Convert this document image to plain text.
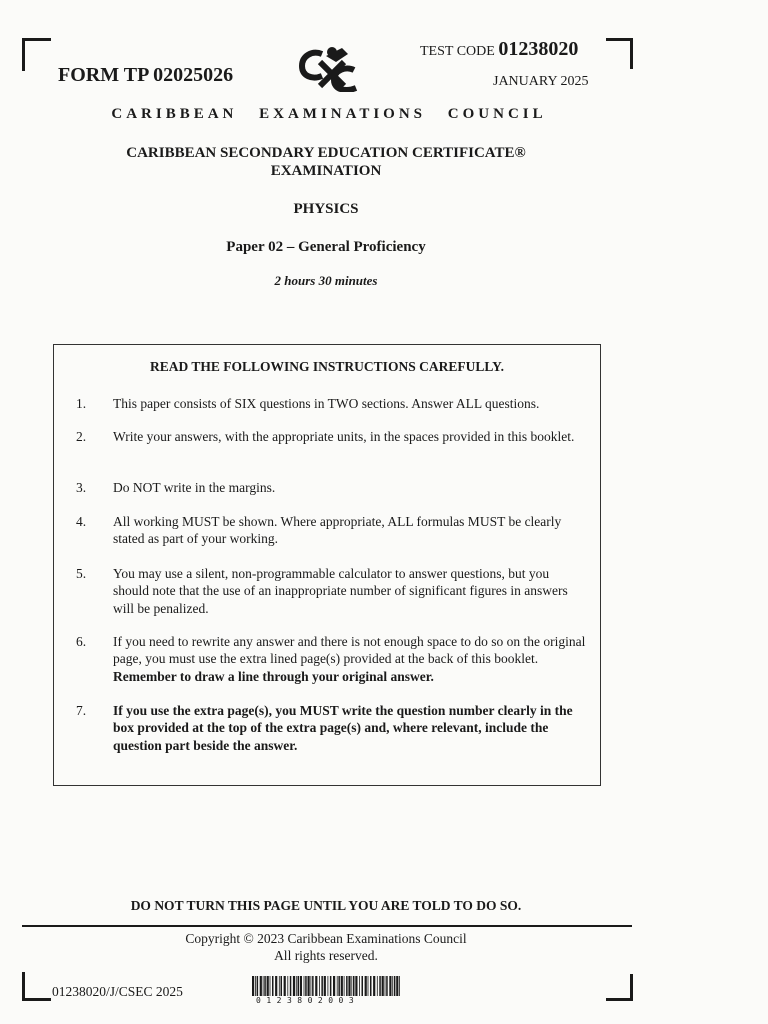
FORM TP 02025026
CXC	TEST CODE 01238020
JANUARY 2025
CARIBBEAN EXAMINATIONS COUNCIL
CARIBBEAN SECONDARY EDUCATION CERTIFICATE®
EXAMINATION
PHYSICS
Paper 02 – General Proficiency
2 hours 30 minutes
READ THE FOLLOWING INSTRUCTIONS CAREFULLY.
1.	This paper consists of SIX questions in TWO sections. Answer ALL questions.
2.	Write your answers, with the appropriate units, in the spaces provided in this booklet.
3.	Do NOT write in the margins.
4.	All working MUST be shown. Where appropriate, ALL formulas MUST be clearly stated as part of your working.
5.	You may use a silent, non-programmable calculator to answer questions, but you should note that the use of an inappropriate number of significant figures in answers will be penalized.
6.	If you need to rewrite any answer and there is not enough space to do so on the original page, you must use the extra lined page(s) provided at the back of this booklet. Remember to draw a line through your original answer.
7.	If you use the extra page(s), you MUST write the question number clearly in the box provided at the top of the extra page(s) and, where relevant, include the question part beside the answer.
DO NOT TURN THIS PAGE UNTIL YOU ARE TOLD TO DO SO.
Copyright © 2023 Caribbean Examinations Council
All rights reserved.
01238020/J/CSEC 2025
0123802003
